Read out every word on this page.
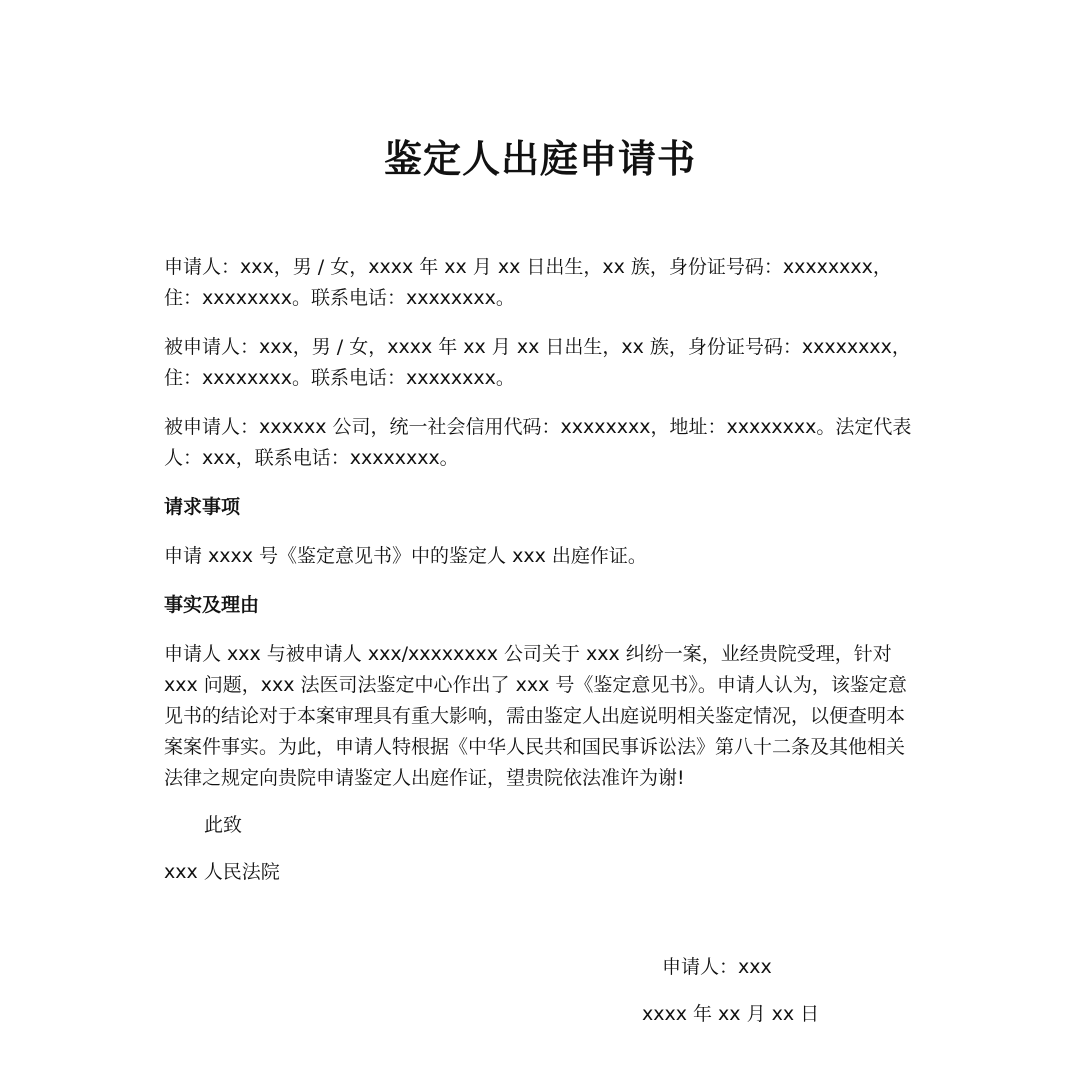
鉴定人出庭申请书

申请人：xxx，男 / 女，xxxx 年 xx 月 xx 日出生，xx 族，身份证号码：xxxxxxxx，住：xxxxxxxx。联系电话：xxxxxxxx。

被申请人：xxx，男 / 女，xxxx 年 xx 月 xx 日出生，xx 族，身份证号码：xxxxxxxx，住：xxxxxxxx。联系电话：xxxxxxxx。

被申请人：xxxxxx 公司，统一社会信用代码：xxxxxxxx，地址：xxxxxxxx。法定代表人：xxx，联系电话：xxxxxxxx。

请求事项

申请 xxxx 号《鉴定意见书》中的鉴定人 xxx 出庭作证。

事实及理由

申请人 xxx 与被申请人 xxx/xxxxxxxx 公司关于 xxx 纠纷一案，业经贵院受理，针对 xxx 问题，xxx 法医司法鉴定中心作出了 xxx 号《鉴定意见书》。申请人认为，该鉴定意见书的结论对于本案审理具有重大影响，需由鉴定人出庭说明相关鉴定情况，以便查明本案案件事实。为此，申请人特根据《中华人民共和国民事诉讼法》第八十二条及其他相关法律之规定向贵院申请鉴定人出庭作证，望贵院依法准许为谢!

此致

xxx 人民法院

申请人：xxx
xxxx 年 xx 月 xx 日
